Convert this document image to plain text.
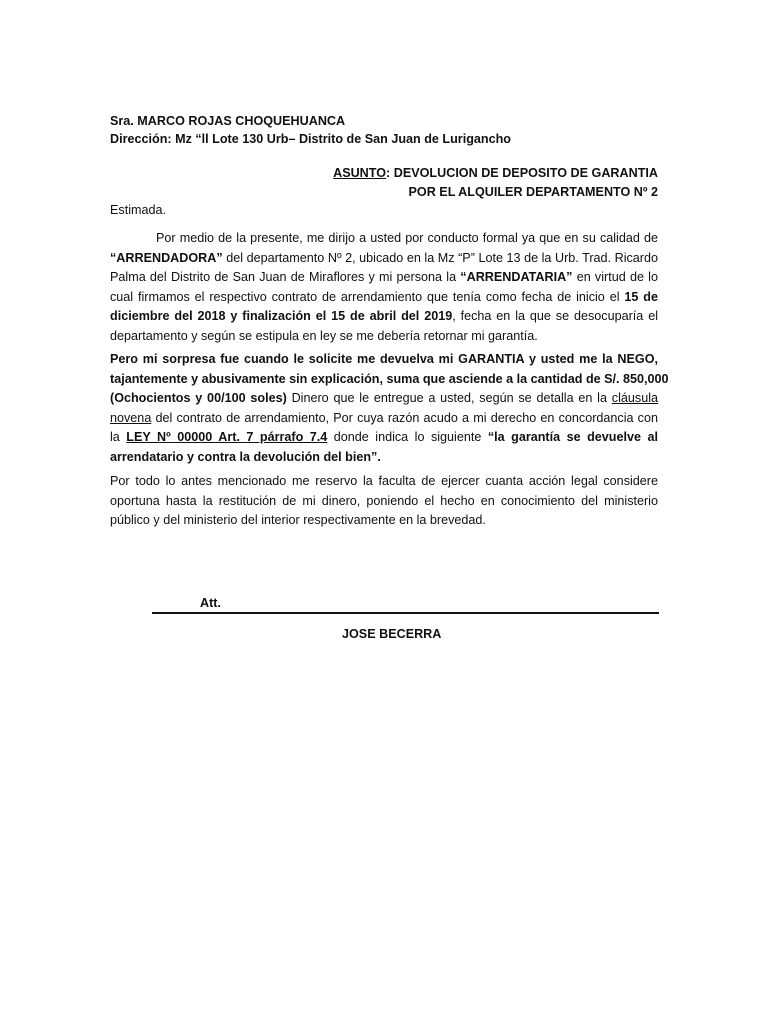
Sra. MARCO ROJAS CHOQUEHUANCA
Dirección: Mz “ll Lote 130 Urb– Distrito de San Juan de Lurigancho
ASUNTO: DEVOLUCION DE DEPOSITO DE GARANTIA
POR EL ALQUILER DEPARTAMENTO Nº 2
Estimada.
Por medio de la presente, me dirijo a usted por conducto formal ya que en su calidad de
“ARRENDADORA” del departamento Nº 2, ubicado en la Mz “P” Lote 13 de la Urb. Trad. Ricardo
Palma del Distrito de San Juan de Miraflores y mi persona la “ARRENDATARIA” en virtud de lo
cual firmamos el respectivo contrato de arrendamiento que tenía como fecha de inicio el 15 de
diciembre del 2018 y finalización el 15 de abril del 2019, fecha en la que se desocuparía el
departamento y según se estipula en ley se me debería retornar mi garantía.
Pero mi sorpresa fue cuando le solicite me devuelva mi GARANTIA y usted me la NEGO,
tajantemente y abusivamente sin explicación, suma que asciende a la cantidad de S/. 850,000
(Ochocientos y 00/100 soles) Dinero que le entregue a usted, según se detalla en la cláusula
novena del contrato de arrendamiento, Por cuya razón acudo a mi derecho en concordancia con
la LEY Nº 00000 Art. 7 párrafo 7.4 donde indica lo siguiente “la garantía se devuelve al
arrendatario y contra la devolución del bien”.
Por todo lo antes mencionado me reservo la faculta de ejercer cuanta acción legal considere
oportuna hasta la restitución de mi dinero, poniendo el hecho en conocimiento del ministerio
público y del ministerio del interior respectivamente en la brevedad.
Att.
JOSE BECERRA
